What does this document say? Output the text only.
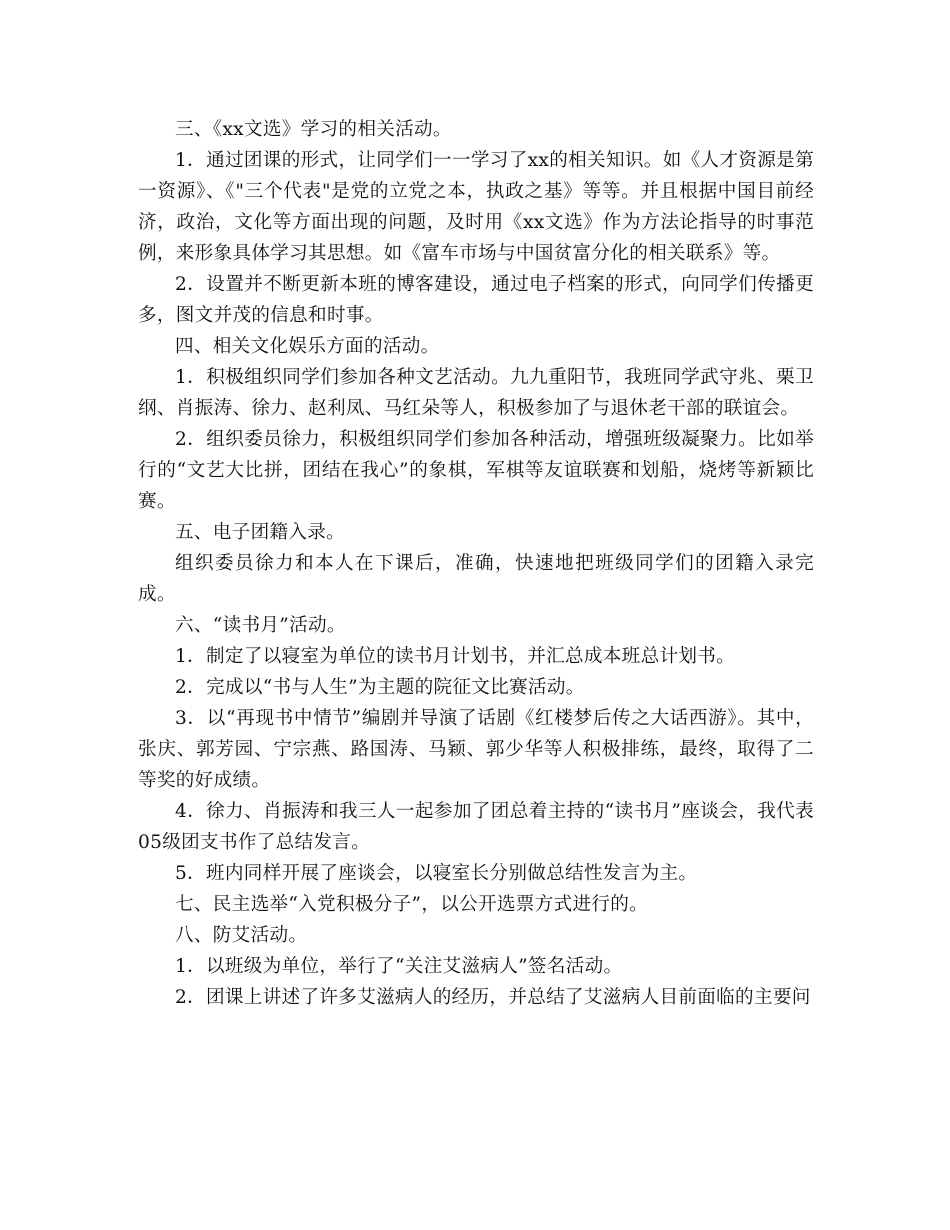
三、《xx文选》学习的相关活动。

1．通过团课的形式，让同学们一一学习了xx的相关知识。如《人才资源是第一资源》、《"三个代表"是党的立党之本，执政之基》等等。并且根据中国目前经济，政治，文化等方面出现的问题，及时用《xx文选》作为方法论指导的时事范例，来形象具体学习其思想。如《富车市场与中国贫富分化的相关联系》等。

2．设置并不断更新本班的博客建设，通过电子档案的形式，向同学们传播更多，图文并茂的信息和时事。

四、相关文化娱乐方面的活动。

1．积极组织同学们参加各种文艺活动。九九重阳节，我班同学武守兆、栗卫纲、肖振涛、徐力、赵利凤、马红朵等人，积极参加了与退休老干部的联谊会。

2．组织委员徐力，积极组织同学们参加各种活动，增强班级凝聚力。比如举行的“文艺大比拼，团结在我心”的象棋，军棋等友谊联赛和划船，烧烤等新颖比赛。

五、电子团籍入录。

组织委员徐力和本人在下课后，准确，快速地把班级同学们的团籍入录完成。

六、“读书月”活动。

1．制定了以寝室为单位的读书月计划书，并汇总成本班总计划书。

2．完成以“书与人生”为主题的院征文比赛活动。

3．以“再现书中情节”编剧并导演了话剧《红楼梦后传之大话西游》。其中，张庆、郭芳园、宁宗燕、路国涛、马颖、郭少华等人积极排练，最终，取得了二等奖的好成绩。

4．徐力、肖振涛和我三人一起参加了团总着主持的“读书月”座谈会，我代表05级团支书作了总结发言。

5．班内同样开展了座谈会，以寝室长分别做总结性发言为主。

七、民主选举“入党积极分子”，以公开选票方式进行的。

八、防艾活动。

1．以班级为单位，举行了“关注艾滋病人”签名活动。

2．团课上讲述了许多艾滋病人的经历，并总结了艾滋病人目前面临的主要问
